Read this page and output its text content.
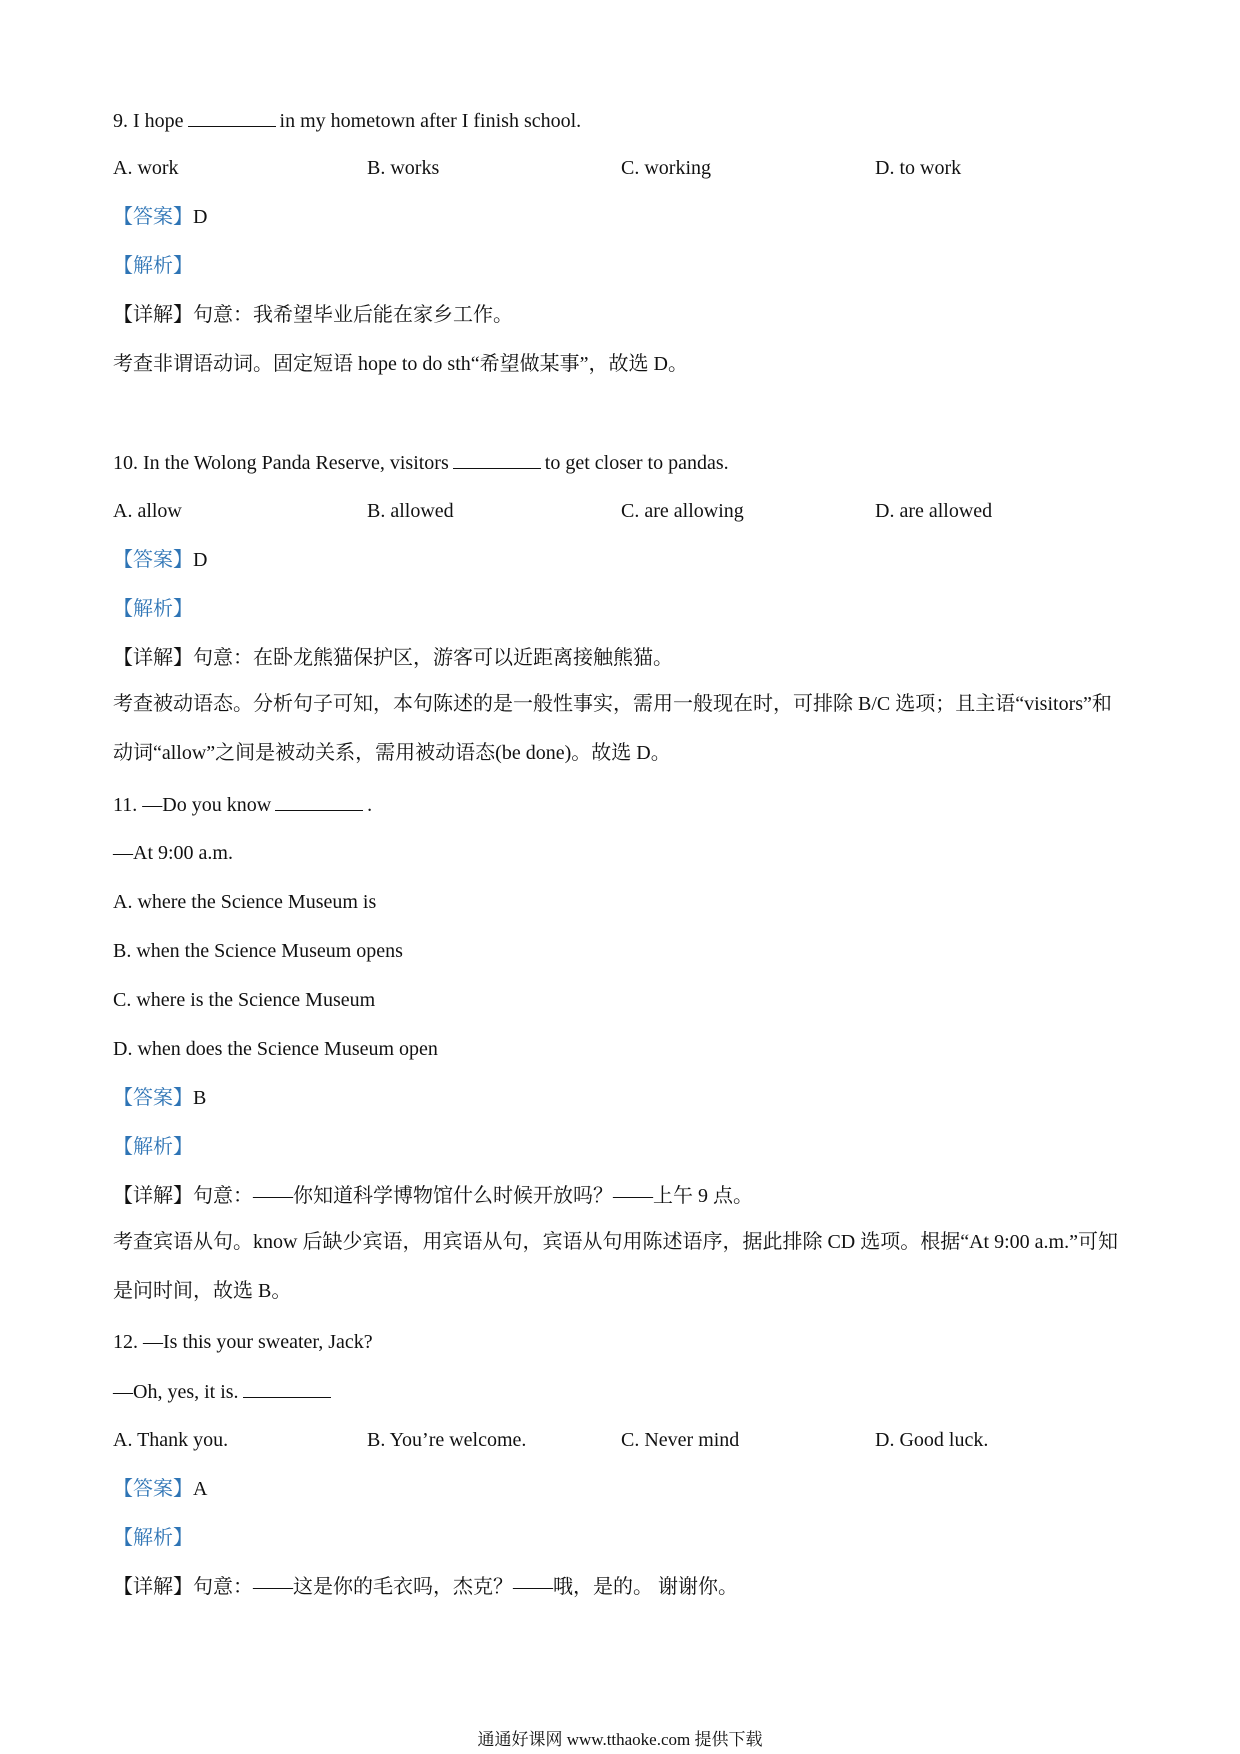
9. I hope	in my hometown after I finish school.
A. work	B. works	C. working	D. to work
【答案】D
【解析】
【详解】句意：我希望毕业后能在家乡工作。
考查非谓语动词。固定短语 hope to do sth“希望做某事”，故选 D。
10. In the Wolong Panda Reserve, visitors	to get closer to pandas.
A. allow	B. allowed	C. are allowing	D. are allowed
【答案】D
【解析】
【详解】句意：在卧龙熊猫保护区，游客可以近距离接触熊猫。
考查被动语态。分析句子可知，本句陈述的是一般性事实，需用一般现在时，可排除 B/C 选项；且主语“visitors”和动词“allow”之间是被动关系，需用被动语态(be done)。故选 D。
11. —Do you know	.
—At 9:00 a.m.
A. where the Science Museum is
B. when the Science Museum opens
C. where is the Science Museum
D. when does the Science Museum open
【答案】B
【解析】
【详解】句意：——你知道科学博物馆什么时候开放吗？——上午 9 点。
考查宾语从句。know 后缺少宾语，用宾语从句，宾语从句用陈述语序，据此排除 CD 选项。根据“At 9:00 a.m.”可知是问时间，故选 B。
12. —Is this your sweater, Jack?
—Oh, yes, it is.
A. Thank you.	B. You’re welcome.	C. Never mind	D. Good luck.
【答案】A
【解析】
【详解】句意：——这是你的毛衣吗，杰克？——哦，是的。 谢谢你。
通通好课网 www.tthaoke.com 提供下载
